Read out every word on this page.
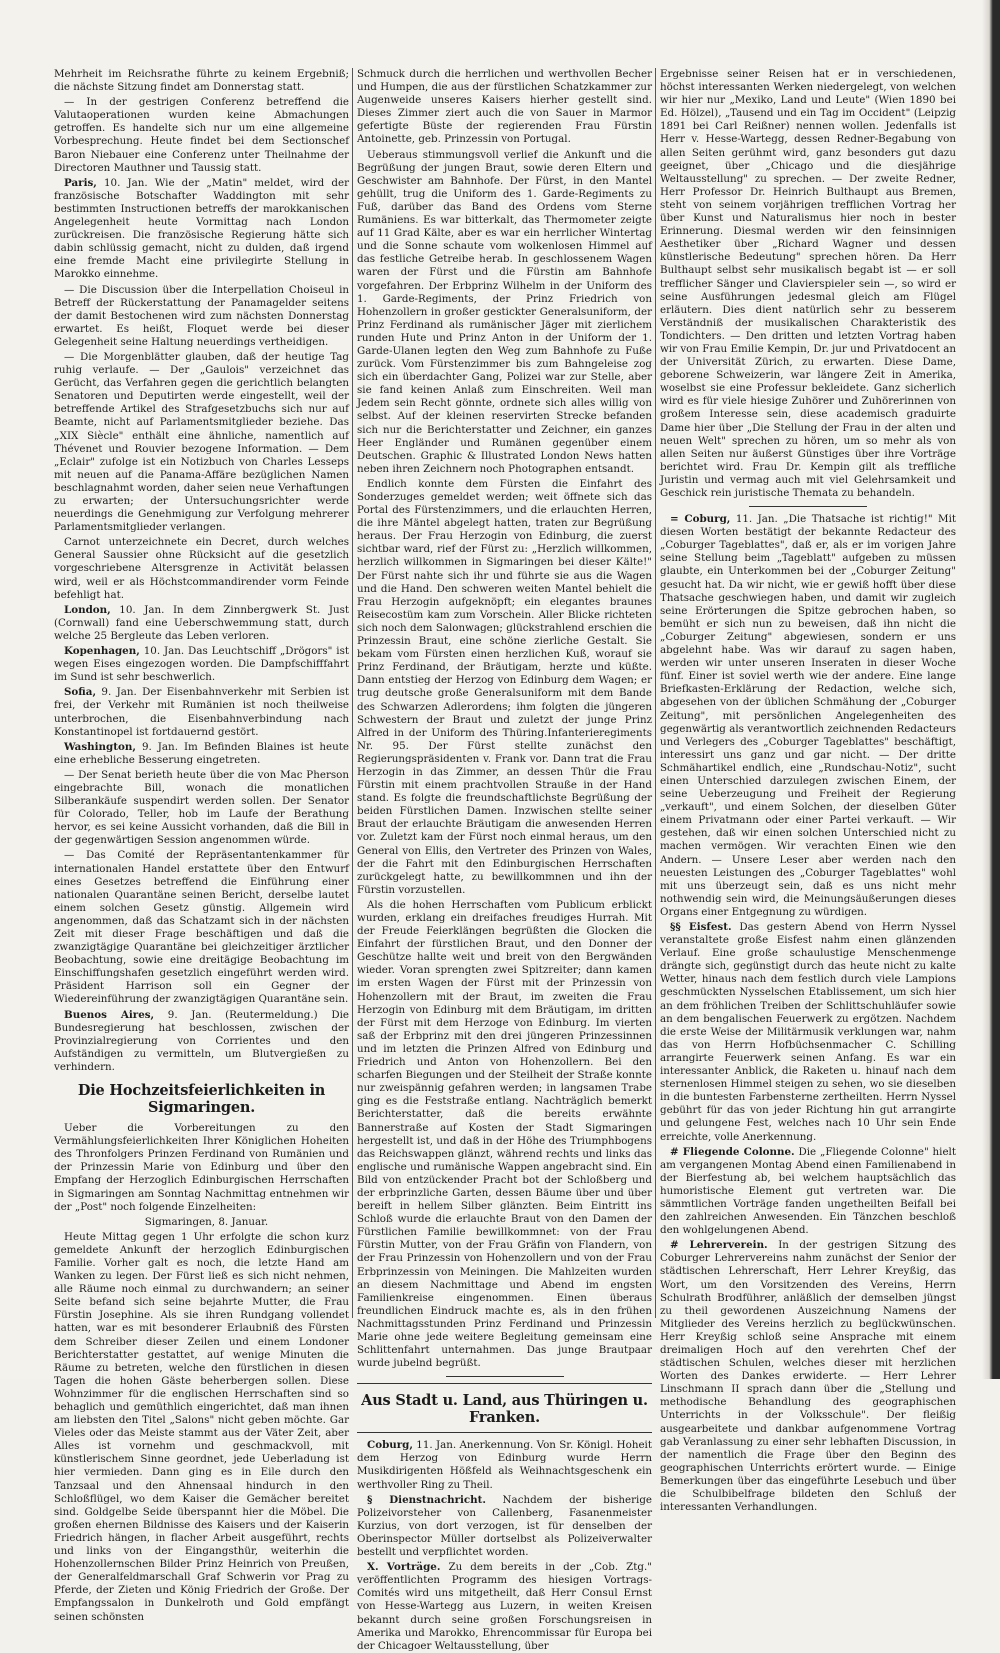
Mehrheit im Reichsrathe führte zu keinem Ergebniß; die nächste Sitzung findet am Donnerstag statt.

— In der gestrigen Conferenz betreffend die Valutaoperationen wurden keine Abmachungen getroffen. Es handelte sich nur um eine allgemeine Vorbesprechung. Heute findet bei dem Sectionschef Baron Niebauer eine Conferenz unter Theilnahme der Directoren Mauthner und Taussig statt.

Paris, 10. Jan. Wie der „Matin" meldet, wird der französische Botschafter Waddington mit sehr bestimmten Instructionen betreffs der marokkanischen Angelegenheit heute Vormittag nach London zurückreisen. Die französische Regierung hätte sich dabin schlüssig gemacht, nicht zu dulden, daß irgend eine fremde Macht eine privilegirte Stellung in Marokko einnehme.

— Die Discussion über die Interpellation Choiseul in Betreff der Rückerstattung der Panamagelder seitens der damit Bestochenen wird zum nächsten Donnerstag erwartet. Es heißt, Floquet werde bei dieser Gelegenheit seine Haltung neuerdings vertheidigen.

— Die Morgenblätter glauben, daß der heutige Tag ruhig verlaufe. — Der „Gaulois" verzeichnet das Gerücht, das Verfahren gegen die gerichtlich belangten Senatoren und Deputirten werde eingestellt, weil der betreffende Artikel des Strafgesetzbuchs sich nur auf Beamte, nicht auf Parlamentsmitglieder beziehe. Das „XIX Siècle" enthält eine ähnliche, namentlich auf Thévenet und Rouvier bezogene Information. — Dem „Eclair" zufolge ist ein Notizbuch von Charles Lesseps mit neuen auf die Panama-Affäre bezüglichen Namen beschlagnahmt worden, daher seien neue Verhaftungen zu erwarten; der Untersuchungsrichter werde neuerdings die Genehmigung zur Verfolgung mehrerer Parlamentsmitglieder verlangen.

Carnot unterzeichnete ein Decret, durch welches General Saussier ohne Rücksicht auf die gesetzlich vorgeschriebene Altersgrenze in Activität belassen wird, weil er als Höchstcommandirender vorm Feinde befehligt hat.

London, 10. Jan. In dem Zinnbergwerk St. Just (Cornwall) fand eine Ueberschwemmung statt, durch welche 25 Bergleute das Leben verloren.

Kopenhagen, 10. Jan. Das Leuchtschiff „Drögors" ist wegen Eises eingezogen worden. Die Dampfschifffahrt im Sund ist sehr beschwerlich.

Sofia, 9. Jan. Der Eisenbahnverkehr mit Serbien ist frei, der Verkehr mit Rumänien ist noch theilweise unterbrochen, die Eisenbahnverbindung nach Konstantinopel ist fortdauernd gestört.

Washington, 9. Jan. Im Befinden Blaines ist heute eine erhebliche Besserung eingetreten.

— Der Senat berieth heute über die von Mac Pherson eingebrachte Bill, wonach die monatlichen Silberankäufe suspendirt werden sollen. Der Senator für Colorado, Teller, hob im Laufe der Berathung hervor, es sei keine Aussicht vorhanden, daß die Bill in der gegenwärtigen Session angenommen würde.

— Das Comité der Repräsentantenkammer für internationalen Handel erstattete über den Entwurf eines Gesetzes betreffend die Einführung einer nationalen Quarantäne seinen Bericht, derselbe lautet einem solchen Gesetz günstig. Allgemein wird angenommen, daß das Schatzamt sich in der nächsten Zeit mit dieser Frage beschäftigen und daß die zwanzigtägige Quarantäne bei gleichzeitiger ärztlicher Beobachtung, sowie eine dreitägige Beobachtung im Einschiffungshafen gesetzlich eingeführt werden wird. Präsident Harrison soll ein Gegner der Wiedereinführung der zwanzigtägigen Quarantäne sein.

Buenos Aires, 9. Jan. (Reutermeldung.) Die Bundesregierung hat beschlossen, zwischen der Provinzialregierung von Corrientes und den Aufständigen zu vermitteln, um Blutvergießen zu verhindern.

Die Hochzeitsfeierlichkeiten in Sigmaringen.

Ueber die Vorbereitungen zu den Vermählungsfeierlichkeiten Ihrer Königlichen Hoheiten des Thronfolgers Prinzen Ferdinand von Rumänien und der Prinzessin Marie von Edinburg und über den Empfang der Herzoglich Edinburgischen Herrschaften in Sigmaringen am Sonntag Nachmittag entnehmen wir der „Post" noch folgende Einzelheiten:

Sigmaringen, 8. Januar.

Heute Mittag gegen 1 Uhr erfolgte die schon kurz gemeldete Ankunft der herzoglich Edinburgischen Familie. Vorher galt es noch, die letzte Hand am Wanken zu legen. Der Fürst ließ es sich nicht nehmen, alle Räume noch einmal zu durchwandern; an seiner Seite befand sich seine bejahrte Mutter, die Frau Fürstin Josephine. Als sie ihren Rundgang vollendet hatten, war es mit besonderer Erlaubniß des Fürsten dem Schreiber dieser Zeilen und einem Londoner Berichterstatter gestattet, auf wenige Minuten die Räume zu betreten, welche den fürstlichen in diesen Tagen die hohen Gäste beherbergen sollen. Diese Wohnzimmer für die englischen Herrschaften sind so behaglich und gemüthlich eingerichtet, daß man ihnen am liebsten den Titel „Salons" nicht geben möchte. Gar Vieles oder das Meiste stammt aus der Väter Zeit, aber Alles ist vornehm und geschmackvoll, mit künstlerischem Sinne geordnet, jede Ueberladung ist hier vermieden. Dann ging es in Eile durch den Tanzsaal und den Ahnensaal hindurch in den Schloßflügel, wo dem Kaiser die Gemächer bereitet sind. Goldgelbe Seide überspannt hier die Möbel. Die großen ehernen Bildnisse des Kaisers und der Kaiserin Friedrich hängen, in flacher Arbeit ausgeführt, rechts und links von der Eingangsthür, weiterhin die Hohenzollernschen Bilder Prinz Heinrich von Preußen, der Generalfeldmarschall Graf Schwerin vor Prag zu Pferde, der Zieten und König Friedrich der Große. Der Empfangssalon in Dunkelroth und Gold empfängt seinen schönsten

Schmuck durch die herrlichen und werthvollen Becher und Humpen, die aus der fürstlichen Schatzkammer zur Augenweide unseres Kaisers hierher gestellt sind. Dieses Zimmer ziert auch die von Sauer in Marmor gefertigte Büste der regierenden Frau Fürstin Antoinette, geb. Prinzessin von Portugal.

Ueberaus stimmungsvoll verlief die Ankunft und die Begrüßung der jungen Braut, sowie deren Eltern und Geschwister am Bahnhofe. Der Fürst, in den Mantel gehüllt, trug die Uniform des 1. Garde-Regiments zu Fuß, darüber das Band des Ordens vom Sterne Rumäniens. Es war bitterkalt, das Thermometer zeigte auf 11 Grad Kälte, aber es war ein herrlicher Wintertag und die Sonne schaute vom wolkenlosen Himmel auf das festliche Getreibe herab. In geschlossenem Wagen waren der Fürst und die Fürstin am Bahnhofe vorgefahren. Der Erbprinz Wilhelm in der Uniform des 1. Garde-Regiments, der Prinz Friedrich von Hohenzollern in großer gestickter Generalsuniform, der Prinz Ferdinand als rumänischer Jäger mit zierlichem runden Hute und Prinz Anton in der Uniform der 1. Garde-Ulanen legten den Weg zum Bahnhofe zu Fuße zurück. Vom Fürstenzimmer bis zum Bahngeleise zog sich ein überdachter Gang, Polizei war zur Stelle, aber sie fand keinen Anlaß zum Einschreiten. Weil man Jedem sein Recht gönnte, ordnete sich alles willig von selbst. Auf der kleinen reservirten Strecke befanden sich nur die Berichterstatter und Zeichner, ein ganzes Heer Engländer und Rumänen gegenüber einem Deutschen. Graphic & Illustrated London News hatten neben ihren Zeichnern noch Photographen entsandt.

Endlich konnte dem Fürsten die Einfahrt des Sonderzuges gemeldet werden; weit öffnete sich das Portal des Fürstenzimmers, und die erlauchten Herren, die ihre Mäntel abgelegt hatten, traten zur Begrüßung heraus. Der Frau Herzogin von Edinburg, die zuerst sichtbar ward, rief der Fürst zu: „Herzlich willkommen, herzlich willkommen in Sigmaringen bei dieser Kälte!" Der Fürst nahte sich ihr und führte sie aus die Wagen und die Hand. Den schweren weiten Mantel behielt die Frau Herzogin aufgeknöpft; ein elegantes braunes Reisecostüm kam zum Vorschein. Aller Blicke richteten sich noch dem Salonwagen; glückstrahlend erschien die Prinzessin Braut, eine schöne zierliche Gestalt. Sie bekam vom Fürsten einen herzlichen Kuß, worauf sie Prinz Ferdinand, der Bräutigam, herzte und küßte. Dann entstieg der Herzog von Edinburg dem Wagen; er trug deutsche große Generalsuniform mit dem Bande des Schwarzen Adlerordens; ihm folgten die jüngeren Schwestern der Braut und zuletzt der junge Prinz Alfred in der Uniform des Thüring.Infanterieregiments Nr. 95. Der Fürst stellte zunächst den Regierungspräsidenten v. Frank vor. Dann trat die Frau Herzogin in das Zimmer, an dessen Thür die Frau Fürstin mit einem prachtvollen Strauße in der Hand stand. Es folgte die freundschaftlichste Begrüßung der beiden Fürstlichen Damen. Inzwischen stellte seiner Braut der erlauchte Bräutigam die anwesenden Herren vor. Zuletzt kam der Fürst noch einmal heraus, um den General von Ellis, den Vertreter des Prinzen von Wales, der die Fahrt mit den Edinburgischen Herrschaften zurückgelegt hatte, zu bewillkommnen und ihn der Fürstin vorzustellen.

Als die hohen Herrschaften vom Publicum erblickt wurden, erklang ein dreifaches freudiges Hurrah. Mit der Freude Feierklängen begrüßten die Glocken die Einfahrt der fürstlichen Braut, und den Donner der Geschütze hallte weit und breit von den Bergwänden wieder. Voran sprengten zwei Spitzreiter; dann kamen im ersten Wagen der Fürst mit der Prinzessin von Hohenzollern mit der Braut, im zweiten die Frau Herzogin von Edinburg mit dem Bräutigam, im dritten der Fürst mit dem Herzoge von Edinburg. Im vierten saß der Erbprinz mit den drei jüngeren Prinzessinnen und im letzten die Prinzen Alfred von Edinburg und Friedrich und Anton von Hohenzollern. Bei den scharfen Biegungen und der Steilheit der Straße konnte nur zweispännig gefahren werden; in langsamen Trabe ging es die Feststraße entlang. Nachträglich bemerkt Berichterstatter, daß die bereits erwähnte Bannerstraße auf Kosten der Stadt Sigmaringen hergestellt ist, und daß in der Höhe des Triumphbogens das Reichswappen glänzt, während rechts und links das englische und rumänische Wappen angebracht sind. Ein Bild von entzückender Pracht bot der Schloßberg und der erbprinzliche Garten, dessen Bäume über und über bereift in hellem Silber glänzten. Beim Eintritt ins Schloß wurde die erlauchte Braut von den Damen der Fürstlichen Familie bewillkommnet: von der Frau Fürstin Mutter, von der Frau Gräfin von Flandern, von der Frau Prinzessin von Hohenzollern und von der Frau Erbprinzessin von Meiningen. Die Mahlzeiten wurden an diesem Nachmittage und Abend im engsten Familienkreise eingenommen. Einen überaus freundlichen Eindruck machte es, als in den frühen Nachmittagsstunden Prinz Ferdinand und Prinzessin Marie ohne jede weitere Begleitung gemeinsam eine Schlittenfahrt unternahmen. Das junge Brautpaar wurde jubelnd begrüßt.

Aus Stadt u. Land, aus Thüringen u. Franken.

Coburg, 11. Jan. Anerkennung. Von Sr. Königl. Hoheit dem Herzog von Edinburg wurde Herrn Musikdirigenten Hößfeld als Weihnachtsgeschenk ein werthvoller Ring zu Theil.

§ Dienstnachricht. Nachdem der bisherige Polizeivorsteher von Callenberg, Fasanenmeister Kurzius, von dort verzogen, ist für denselben der Oberinspector Müller dortselbst als Polizeiverwalter bestellt und verpflichtet worden.

X. Vorträge. Zu dem bereits in der „Cob. Ztg." veröffentlichten Programm des hiesigen Vortrags-Comités wird uns mitgetheilt, daß Herr Consul Ernst von Hesse-Wartegg aus Luzern, in weiten Kreisen bekannt durch seine großen Forschungsreisen in Amerika und Marokko, Ehrencommissar für Europa bei der Chicagoer Weltausstellung, über

Ergebnisse seiner Reisen hat er in verschiedenen, höchst interessanten Werken niedergelegt, von welchen wir hier nur „Mexiko, Land und Leute" (Wien 1890 bei Ed. Hölzel), „Tausend und ein Tag im Occident" (Leipzig 1891 bei Carl Reißner) nennen wollen. Jedenfalls ist Herr v. Hesse-Wartegg, dessen Redner-Begabung von allen Seiten gerühmt wird, ganz besonders gut dazu geeignet, über „Chicago und die diesjährige Weltausstellung" zu sprechen. — Der zweite Redner, Herr Professor Dr. Heinrich Bulthaupt aus Bremen, steht von seinem vorjährigen trefflichen Vortrag her über Kunst und Naturalismus hier noch in bester Erinnerung. Diesmal werden wir den feinsinnigen Aesthetiker über „Richard Wagner und dessen künstlerische Bedeutung" sprechen hören. Da Herr Bulthaupt selbst sehr musikalisch begabt ist — er soll trefflicher Sänger und Clavierspieler sein —, so wird er seine Ausführungen jedesmal gleich am Flügel erläutern. Dies dient natürlich sehr zu besserem Verständniß der musikalischen Charakteristik des Tondichters. — Den dritten und letzten Vortrag haben wir von Frau Emilie Kempin, Dr. jur und Privatdocent an der Universität Zürich, zu erwarten. Diese Dame, geborene Schweizerin, war längere Zeit in Amerika, woselbst sie eine Professur bekleidete. Ganz sicherlich wird es für viele hiesige Zuhörer und Zuhörerinnen von großem Interesse sein, diese academisch graduirte Dame hier über „Die Stellung der Frau in der alten und neuen Welt" sprechen zu hören, um so mehr als von allen Seiten nur äußerst Günstiges über ihre Vorträge berichtet wird. Frau Dr. Kempin gilt als treffliche Juristin und vermag auch mit viel Gelehrsamkeit und Geschick rein juristische Themata zu behandeln.

= Coburg, 11. Jan. „Die Thatsache ist richtig!" Mit diesen Worten bestätigt der bekannte Redacteur des „Coburger Tageblattes", daß er, als er im vorigen Jahre seine Stellung beim „Tageblatt" aufgeben zu müssen glaubte, ein Unterkommen bei der „Coburger Zeitung" gesucht hat. Da wir nicht, wie er gewiß hofft über diese Thatsache geschwiegen haben, und damit wir zugleich seine Erörterungen die Spitze gebrochen haben, so bemüht er sich nun zu beweisen, daß ihn nicht die „Coburger Zeitung" abgewiesen, sondern er uns abgelehnt habe. Was wir darauf zu sagen haben, werden wir unter unseren Inseraten in dieser Woche fünf. Einer ist soviel werth wie der andere. Eine lange Briefkasten-Erklärung der Redaction, welche sich, abgesehen von der üblichen Schmähung der „Coburger Zeitung", mit persönlichen Angelegenheiten des gegenwärtig als verantwortlich zeichnenden Redacteurs und Verlegers des „Coburger Tageblattes" beschäftigt, interessirt uns ganz und gar nicht. — Der dritte Schmähartikel endlich, eine „Rundschau-Notiz", sucht einen Unterschied darzulegen zwischen Einem, der seine Ueberzeugung und Freiheit der Regierung „verkauft", und einem Solchen, der dieselben Güter einem Privatmann oder einer Partei verkauft. — Wir gestehen, daß wir einen solchen Unterschied nicht zu machen vermögen. Wir verachten Einen wie den Andern. — Unsere Leser aber werden nach den neuesten Leistungen des „Coburger Tageblattes" wohl mit uns überzeugt sein, daß es uns nicht mehr nothwendig sein wird, die Meinungsäußerungen dieses Organs einer Entgegnung zu würdigen.

§§ Eisfest. Das gestern Abend von Herrn Nyssel veranstaltete große Eisfest nahm einen glänzenden Verlauf. Eine große schaulustige Menschenmenge drängte sich, gegünstigt durch das heute nicht zu kalte Wetter, hinaus nach dem festlich durch viele Lampions geschmückten Nysselschen Etablissement, um sich hier an dem fröhlichen Treiben der Schlittschuhläufer sowie an dem bengalischen Feuerwerk zu ergötzen. Nachdem die erste Weise der Militärmusik verklungen war, nahm das von Herrn Hofbüchsenmacher C. Schilling arrangirte Feuerwerk seinen Anfang. Es war ein interessanter Anblick, die Raketen u. hinauf nach dem sternenlosen Himmel steigen zu sehen, wo sie dieselben in die buntesten Farbensterne zertheilten. Herrn Nyssel gebührt für das von jeder Richtung hin gut arrangirte und gelungene Fest, welches nach 10 Uhr sein Ende erreichte, volle Anerkennung.

# Fliegende Colonne. Die „Fliegende Colonne" hielt am vergangenen Montag Abend einen Familienabend in der Bierfestung ab, bei welchem hauptsächlich das humoristische Element gut vertreten war. Die sämmtlichen Vorträge fanden ungetheilten Beifall bei den zahlreichen Anwesenden. Ein Tänzchen beschloß den wohlgelungenen Abend.

# Lehrerverein. In der gestrigen Sitzung des Coburger Lehrervereins nahm zunächst der Senior der städtischen Lehrerschaft, Herr Lehrer Kreyßig, das Wort, um den Vorsitzenden des Vereins, Herrn Schulrath Brodführer, anläßlich der demselben jüngst zu theil gewordenen Auszeichnung Namens der Mitglieder des Vereins herzlich zu beglückwünschen. Herr Kreyßig schloß seine Ansprache mit einem dreimaligen Hoch auf den verehrten Chef der städtischen Schulen, welches dieser mit herzlichen Worten des Dankes erwiderte. — Herr Lehrer Linschmann II sprach dann über die „Stellung und methodische Behandlung des geographischen Unterrichts in der Volksschule". Der fleißig ausgearbeitete und dankbar aufgenommene Vortrag gab Veranlassung zu einer sehr lebhaften Discussion, in der namentlich die Frage über den Beginn des geographischen Unterrichts erörtert wurde. — Einige Bemerkungen über das eingeführte Lesebuch und über die Schulbibelfrage bildeten den Schluß der interessanten Verhandlungen.
